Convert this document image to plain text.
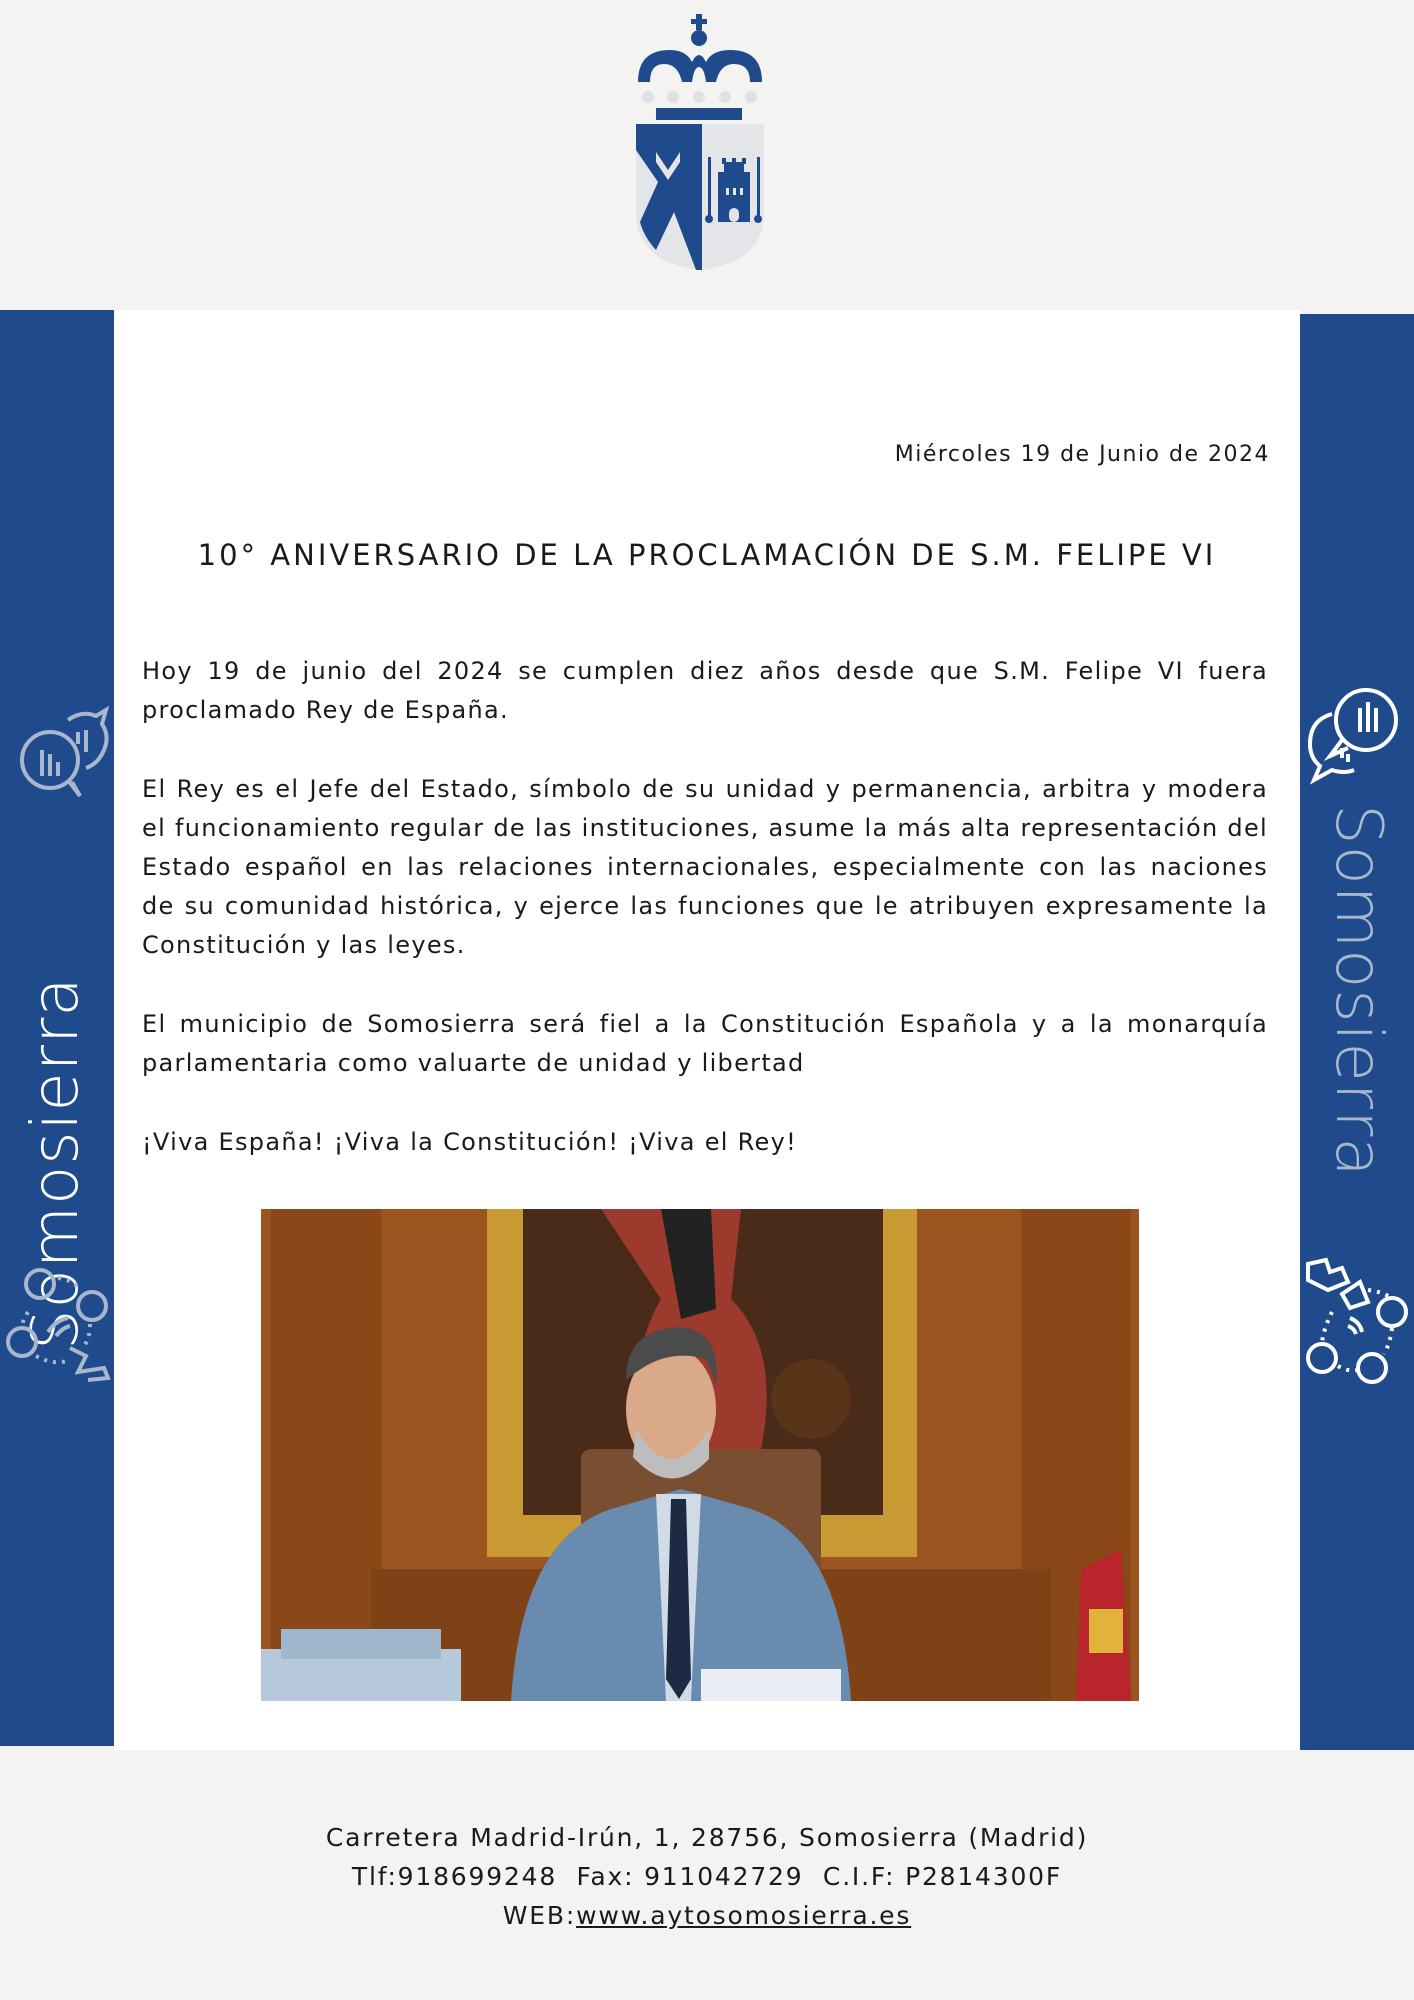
Somosierra	Somosierra
Miércoles 19 de Junio de 2024
10° ANIVERSARIO DE LA PROCLAMACIÓN DE S.M. FELIPE VI

Hoy 19 de junio del 2024 se cumplen diez años desde que S.M. Felipe VI fuera proclamado Rey de España.

El Rey es el Jefe del Estado, símbolo de su unidad y permanencia, arbitra y modera el funcionamiento regular de las instituciones, asume la más alta representación del Estado español en las relaciones internacionales, especialmente con las naciones de su comunidad histórica, y ejerce las funciones que le atribuyen expresamente la Constitución y las leyes.

El municipio de Somosierra será fiel a la Constitución Española y a la monarquía parlamentaria como valuarte de unidad y libertad

¡Viva España! ¡Viva la Constitución! ¡Viva el Rey!

Carretera Madrid-Irún, 1, 28756, Somosierra (Madrid)
Tlf:918699248  Fax: 911042729  C.I.F: P2814300F
WEB:www.aytosomosierra.es
